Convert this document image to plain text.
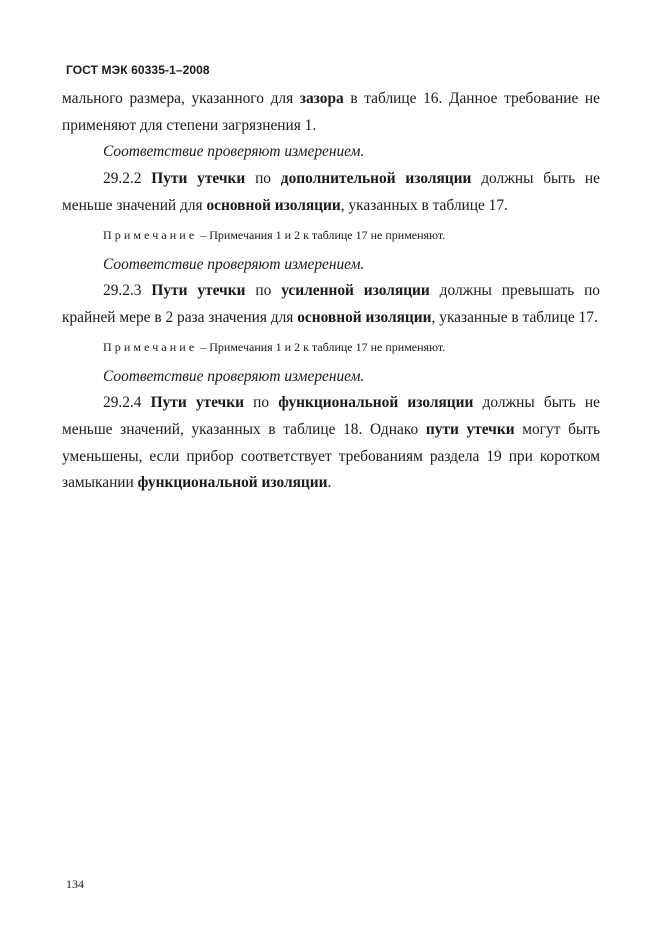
ГОСТ МЭК 60335-1–2008

мального размера, указанного для зазора в таблице 16. Данное требование не применяют для степени загрязнения 1.

Соответствие проверяют измерением.

29.2.2 Пути утечки по дополнительной изоляции должны быть не меньше значений для основной изоляции, указанных в таблице 17.

Примечание – Примечания 1 и 2 к таблице 17 не применяют.

Соответствие проверяют измерением.

29.2.3 Пути утечки по усиленной изоляции должны превышать по крайней мере в 2 раза значения для основной изоляции, указанные в таблице 17.

Примечание – Примечания 1 и 2 к таблице 17 не применяют.

Соответствие проверяют измерением.

29.2.4 Пути утечки по функциональной изоляции должны быть не меньше значений, указанных в таблице 18. Однако пути утечки могут быть уменьшены, если прибор соответствует требованиям раздела 19 при коротком замыкании функциональной изоляции.

134
